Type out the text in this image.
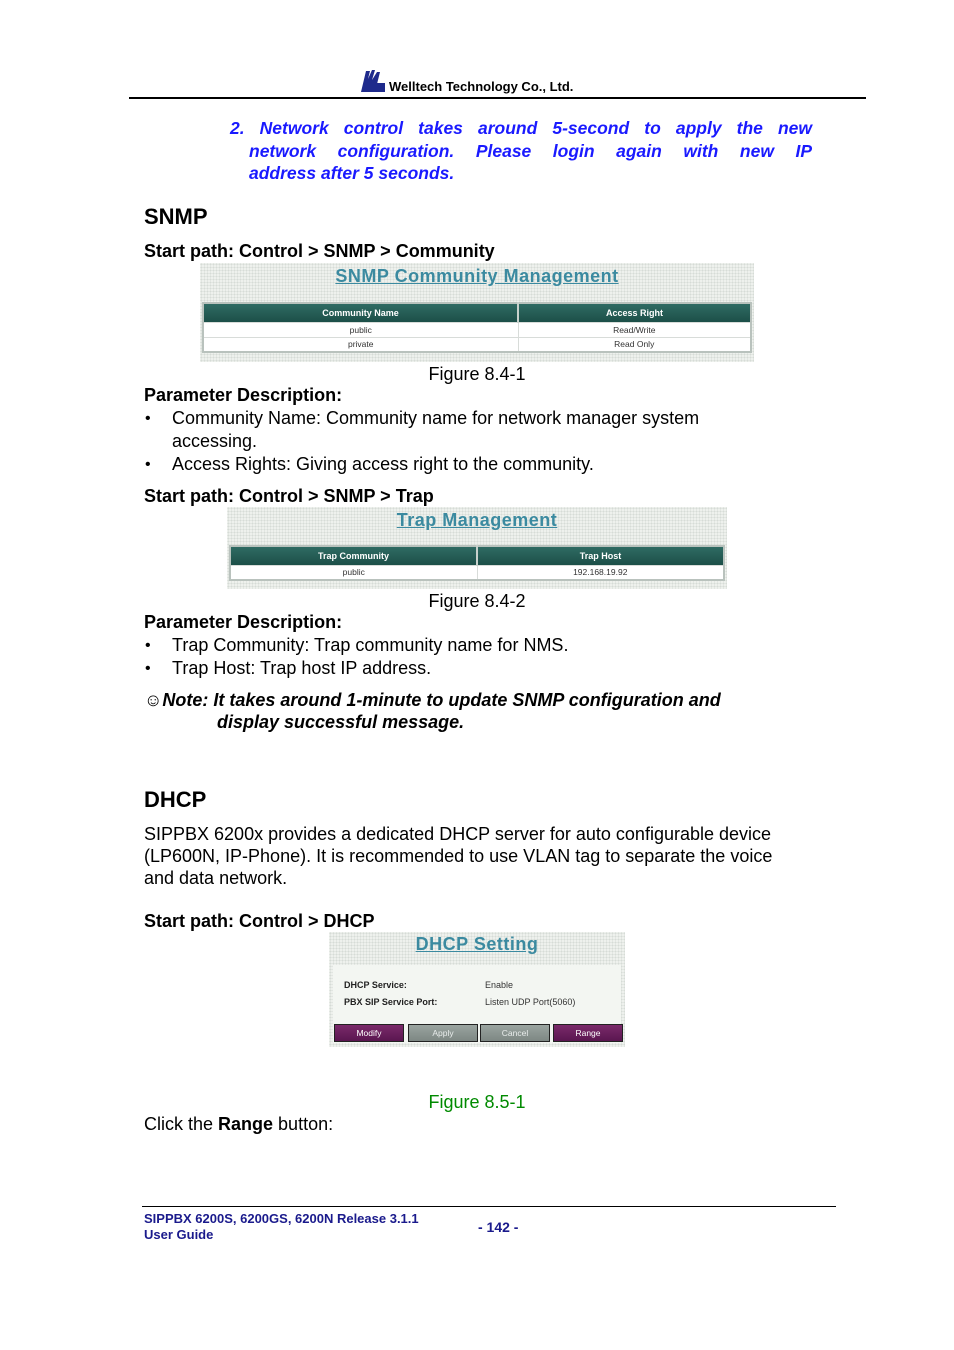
Welltech Technology Co., Ltd.
2. Network control takes around 5-second to apply the new
network configuration. Please login again with new IP
address after 5 seconds.
SNMP
Start path: Control > SNMP > Community
SNMP Community Management
Community Name	Access Right
public	Read/Write
private	Read Only
Figure 8.4-1
Parameter Description:
• Community Name: Community name for network manager system
accessing.
• Access Rights: Giving access right to the community.
Start path: Control > SNMP > Trap
Trap Management
Trap Community	Trap Host
public	192.168.19.92
Figure 8.4-2
Parameter Description:
• Trap Community: Trap community name for NMS.
• Trap Host: Trap host IP address.
☺Note: It takes around 1-minute to update SNMP configuration and
display successful message.
DHCP
SIPPBX 6200x provides a dedicated DHCP server for auto configurable device
(LP600N, IP-Phone). It is recommended to use VLAN tag to separate the voice
and data network.
Start path: Control > DHCP
DHCP Setting
DHCP Service:	Enable
PBX SIP Service Port:	Listen UDP Port(5060)
Modify	Apply	Cancel	Range
Figure 8.5-1
Click the Range button:
SIPPBX 6200S, 6200GS, 6200N Release 3.1.1
User Guide	- 142 -
